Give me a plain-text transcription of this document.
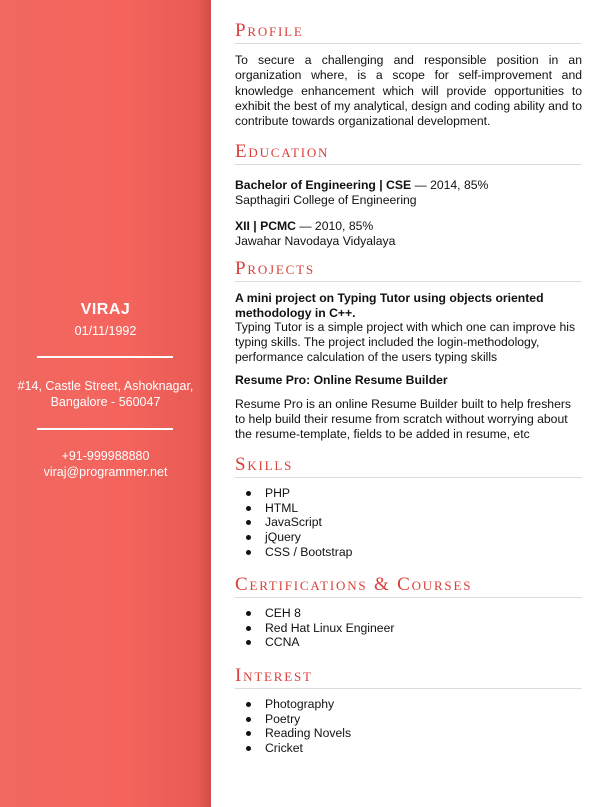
VIRAJ
01/11/1992
#14, Castle Street, Ashoknagar,
Bangalore - 560047
+91-999988880
viraj@programmer.net
Profile
To secure a challenging and responsible position in an organization where, is a scope for self-improvement and knowledge enhancement which will provide opportunities to exhibit the best of my analytical, design and coding ability and to contribute towards organizational development.
Education
Bachelor of Engineering | CSE — 2014, 85%
Sapthagiri College of Engineering
XII | PCMC — 2010, 85%
Jawahar Navodaya Vidyalaya
Projects
A mini project on Typing Tutor using objects oriented methodology in C++.
Typing Tutor is a simple project with which one can improve his typing skills. The project included the login-methodology, performance calculation of the users typing skills
Resume Pro: Online Resume Builder
Resume Pro is an online Resume Builder built to help freshers to help build their resume from scratch without worrying about the resume-template, fields to be added in resume, etc
Skills
PHP
HTML
JavaScript
jQuery
CSS / Bootstrap
Certifications & Courses
CEH 8
Red Hat Linux Engineer
CCNA
Interest
Photography
Poetry
Reading Novels
Cricket
